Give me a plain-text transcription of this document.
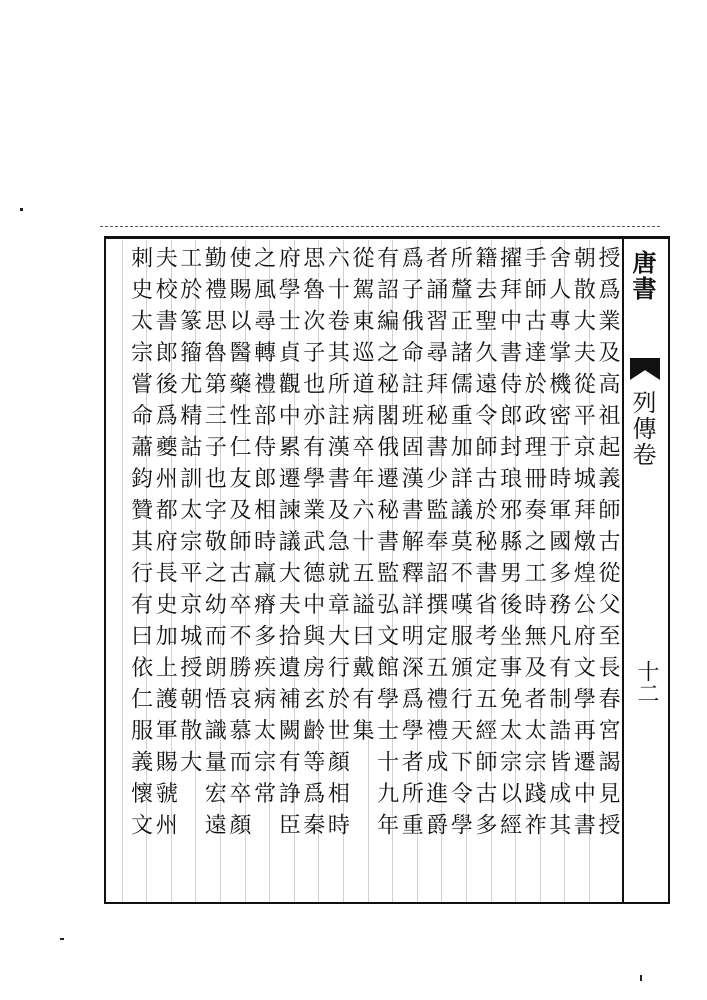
唐書
列傳卷
十二
授爲業及高祖起義師古從父至長春宮謁見授
朝散大夫從平京城拜燉煌公府文學再遷中書
舍人專掌機密于時軍國多務凡有制誥皆成其
手師古達於政理冊奏之工時無及者太宗踐祚
擢拜中書侍郎封琅邪縣男後坐事免太宗以經
籍去聖久遠令師古於秘書省考定五經師古多
所釐正諸儒重加詳議莫不嘆服頒行天下令學
者誦習尋拜秘書少監奉詔撰定五禮禮成進爵
爲子俄命註班固漢書解釋詳明深爲學者所重
有詔編之秘閣俄遷秘書監弘文館學士十九年
從駕東巡道病卒年六十五謚曰戴有集
六十卷其所註漢書及急就章大行於世顏相時
思魯次子也亦有學業武德中與房玄齡等爲秦
府學士貞觀中累遷諫議大夫拾遺補闕有諍臣
之風尋轉禮部侍郎相時羸瘠多疾病太宗常
使賜以醫藥性仁友及師古卒不勝哀慕而卒顏
勤禮思魯第三子也字敬之幼而朗悟識量宏遠
工於篆籀尤精詁訓太宗平京城授朝散大
夫校書郎後爲夔州都府長史加上護軍賜虢州
刺史太宗嘗命蕭鈞贊其行有曰依仁服義懷文
